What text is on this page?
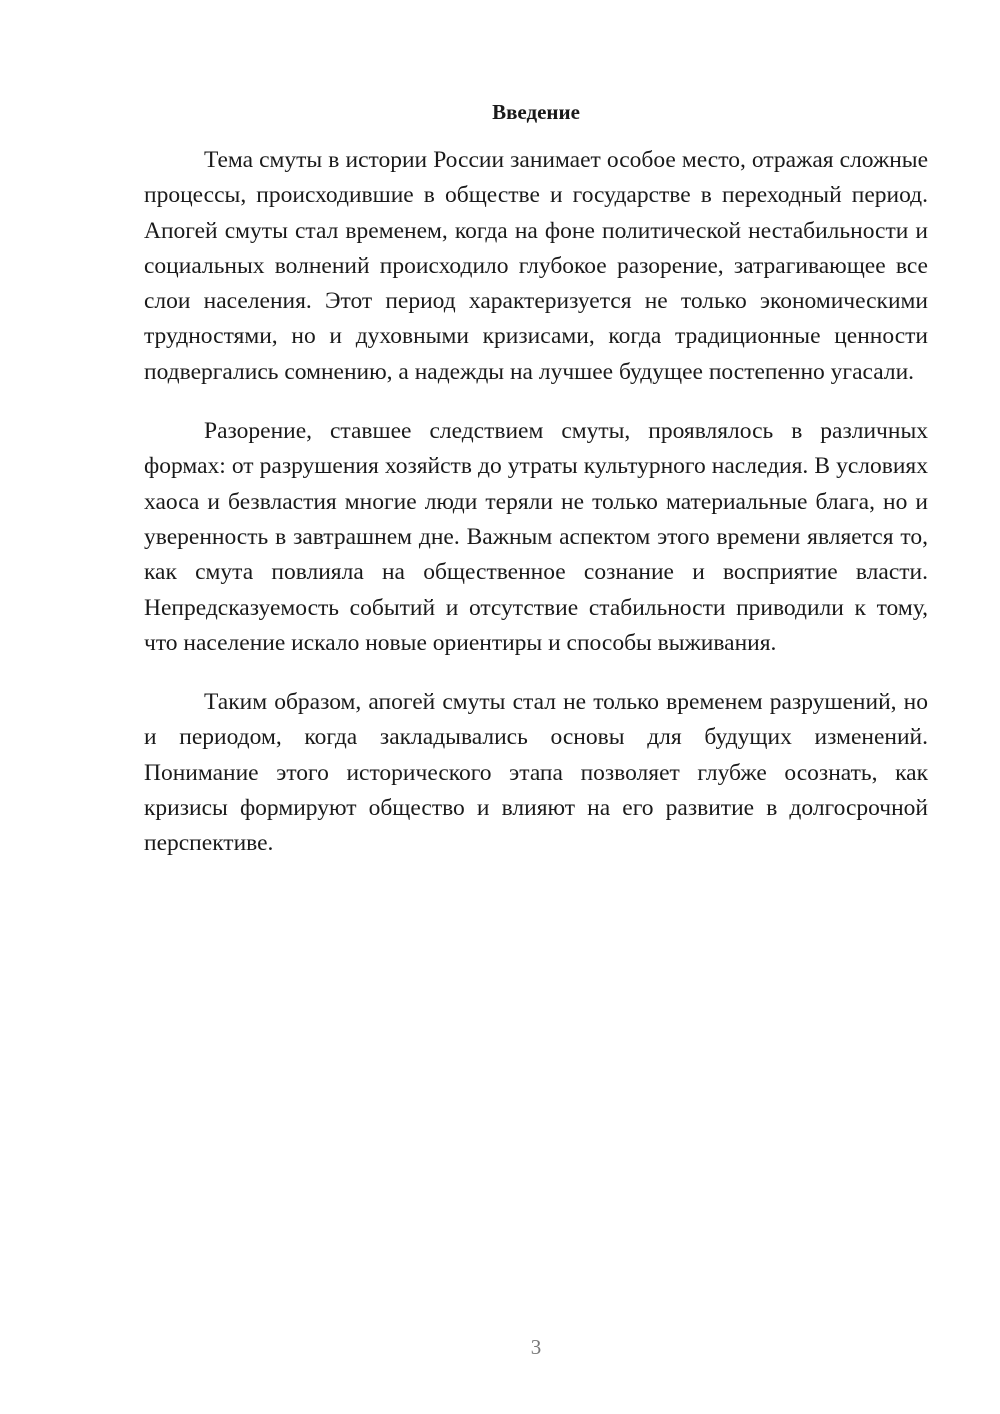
Введение

Тема смуты в истории России занимает особое место, отражая сложные процессы, происходившие в обществе и государстве в переходный период. Апогей смуты стал временем, когда на фоне политической нестабильности и социальных волнений происходило глубокое разорение, затрагивающее все слои населения. Этот период характеризуется не только экономическими трудностями, но и духовными кризисами, когда традиционные ценности подвергались сомнению, а надежды на лучшее будущее постепенно угасали.

Разорение, ставшее следствием смуты, проявлялось в различных формах: от разрушения хозяйств до утраты культурного наследия. В условиях хаоса и безвластия многие люди теряли не только материальные блага, но и уверенность в завтрашнем дне. Важным аспектом этого времени является то, как смута повлияла на общественное сознание и восприятие власти. Непредсказуемость событий и отсутствие стабильности приводили к тому, что население искало новые ориентиры и способы выживания.

Таким образом, апогей смуты стал не только временем разрушений, но и периодом, когда закладывались основы для будущих изменений. Понимание этого исторического этапа позволяет глубже осознать, как кризисы формируют общество и влияют на его развитие в долгосрочной перспективе.

3
